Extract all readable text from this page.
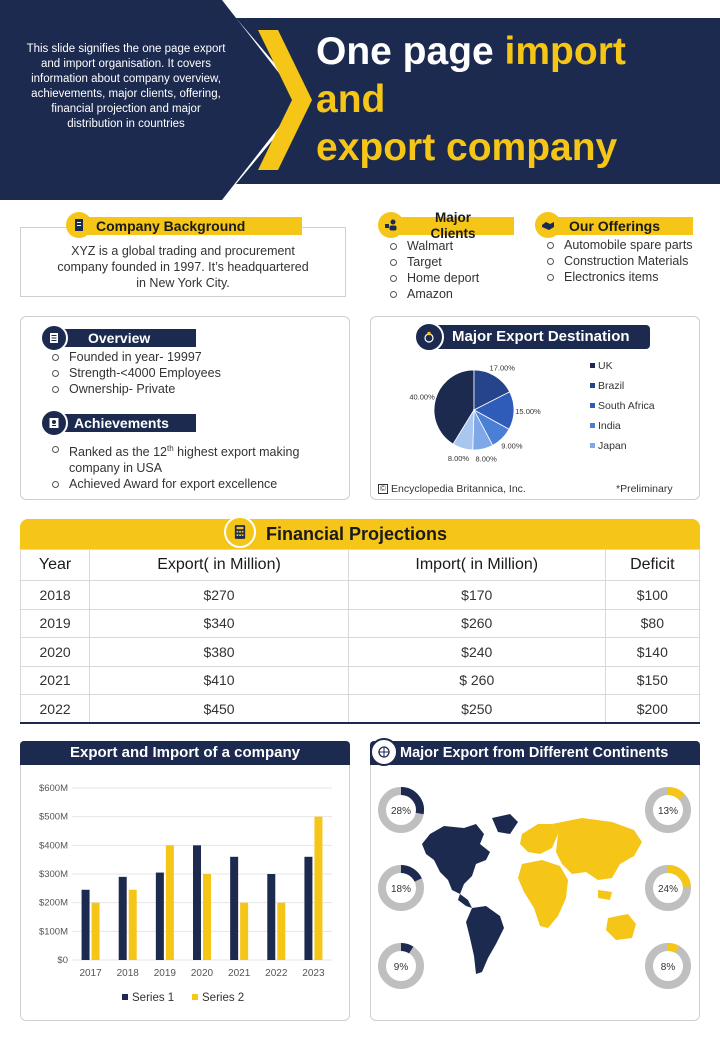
This slide signifies the one page export and import organisation. It covers information about company overview, achievements, major clients, offering, financial projection and major distribution in countries
One page import
and
export company
Company Background
XYZ is a global trading and procurement company founded in 1997. It’s headquartered in New York City.
Major Clients
Walmart
Target
Home deport
Amazon
Our Offerings
Automobile spare parts
Construction Materials
Electronics items
Overview
Founded in year- 19997
Strength-<4000 Employees
Ownership- Private
Achievements
Ranked as the 12th highest export making
company in USA
Achieved Award for export excellence
Major Export Destination
40.00%
17.00%
15.00%
9.00%
8.00%
8.00%
UK
Brazil
South Africa
India
Japan
© Encyclopedia Britannica, Inc.	*Preliminary
Financial Projections
Year	Export( in Million)	Import( in Million)	Deficit
2018	$270	$170	$100
2019	$340	$260	$80
2020	$380	$240	$140
2021	$410	$ 260	$150
2022	$450	$250	$200
Export and Import of a company
$0
$100M
$200M
$300M
$400M
$500M
$600M
2017 2018 2019 2020 2021 2022 2023
Series 1 Series 2
Major Export from Different Continents
28%
18%
9%
13%
24%
8%
